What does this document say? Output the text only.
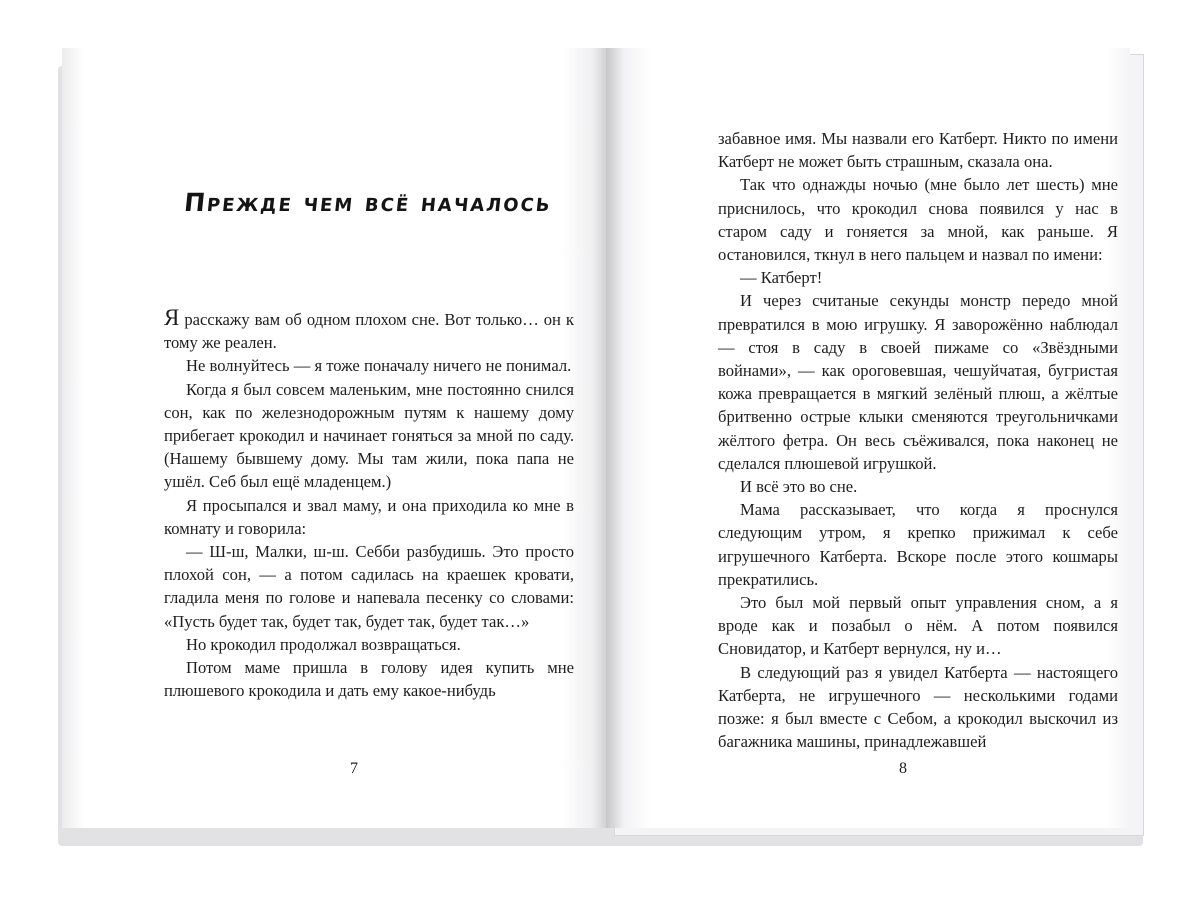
Прежде чем всё началось

Я расскажу вам об одном плохом сне. Вот только… он к тому же реален.

Не волнуйтесь — я тоже поначалу ничего не понимал.

Когда я был совсем маленьким, мне постоянно снился сон, как по железнодорожным путям к нашему дому прибегает крокодил и начинает гоняться за мной по саду. (Нашему бывшему дому. Мы там жили, пока папа не ушёл. Себ был ещё младенцем.)

Я просыпался и звал маму, и она приходила ко мне в комнату и говорила:

— Ш-ш, Малки, ш-ш. Себби разбудишь. Это просто плохой сон, — а потом садилась на краешек кровати, гладила меня по голове и напевала песенку со словами: «Пусть будет так, будет так, будет так, будет так…»

Но крокодил продолжал возвращаться.

Потом маме пришла в голову идея купить мне плюшевого крокодила и дать ему какое-нибудь

7

забавное имя. Мы назвали его Катберт. Никто по имени Катберт не может быть страшным, сказала она.

Так что однажды ночью (мне было лет шесть) мне приснилось, что крокодил снова появился у нас в старом саду и гоняется за мной, как раньше. Я остановился, ткнул в него пальцем и назвал по имени:

— Катберт!

И через считаные секунды монстр передо мной превратился в мою игрушку. Я заворожённо наблюдал — стоя в саду в своей пижаме со «Звёздными войнами», — как ороговевшая, чешуйчатая, бугристая кожа превращается в мягкий зелёный плюш, а жёлтые бритвенно острые клыки сменяются треугольничками жёлтого фетра. Он весь съёживался, пока наконец не сделался плюшевой игрушкой.

И всё это во сне.

Мама рассказывает, что когда я проснулся следующим утром, я крепко прижимал к себе игрушечного Катберта. Вскоре после этого кошмары прекратились.

Это был мой первый опыт управления сном, а я вроде как и позабыл о нём. А потом появился Сновидатор, и Катберт вернулся, ну и…

В следующий раз я увидел Катберта — настоящего Катберта, не игрушечного — несколькими годами позже: я был вместе с Себом, а крокодил выскочил из багажника машины, принадлежавшей

8
